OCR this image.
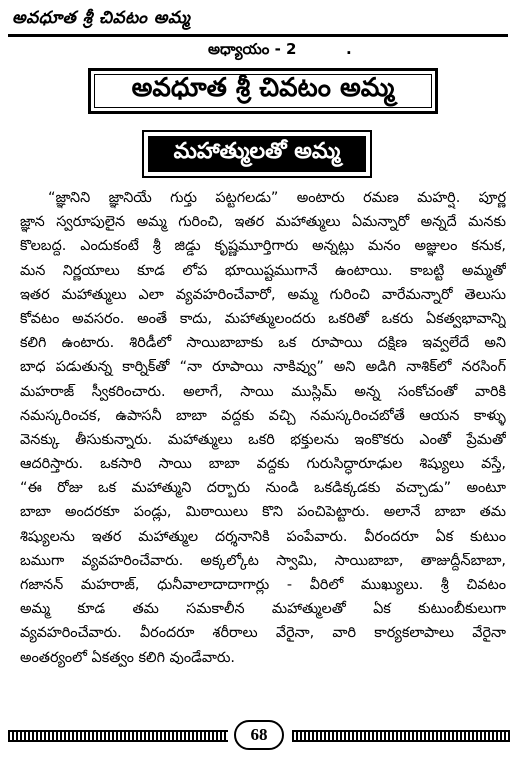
అవధూత శ్రీ చివటం అమ్మ
అధ్యాయం - 2	.
అవధూత శ్రీ చివటం అమ్మ
మహాత్ములతో అమ్మ
“జ్ఞానిని జ్ఞానియే గుర్తు పట్టగలడు” అంటారు రమణ మహర్షి. పూర్ణ
జ్ఞాన స్వరూపులైన అమ్మ గురించి, ఇతర మహాత్ములు ఏమన్నారో అన్నదే మనకు
కొలబద్ద. ఎందుకంటే శ్రీ జిడ్డు కృష్ణమూర్తిగారు అన్నట్లు మనం అజ్ఞులం కనుక,
మన నిర్ణయాలు కూడ లోప భూయిష్టముగానే ఉంటాయి. కాబట్టి అమ్మతో
ఇతర మహాత్ములు ఎలా వ్యవహరించేవారో, అమ్మ గురించి వారేమన్నారో తెలుసు
కోవటం అవసరం. అంతే కాదు, మహాత్ములందరు ఒకరితో ఒకరు ఏకత్వభావాన్ని
కలిగి ఉంటారు. శిరిడీలో సాయిబాబాకు ఒక రూపాయి దక్షిణ ఇవ్వలేదే అని
బాధ పడుతున్న కార్నిక్‌తో “నా రూపాయి నాకివ్వు” అని అడిగి నాశిక్‌లో నరసింగ్
మహరాజ్ స్వీకరించారు. అలాగే, సాయి ముస్లిమ్ అన్న సంకోచంతో వారికి
నమస్కరించక, ఉపాసనీ బాబా వద్దకు వచ్చి నమస్కరించబోతే ఆయన కాళ్ళు
వెనక్కు తీసుకున్నారు. మహాత్ములు ఒకరి భక్తులను ఇంకొకరు ఎంతో ప్రేమతో
ఆదరిస్తారు. ఒకసారి సాయి బాబా వద్దకు గురుసిద్ధారూఢుల శిష్యులు వస్తే,
“ఈ రోజు ఒక మహాత్ముని దర్బారు నుండి ఒకడిక్కడకు వచ్చాడు” అంటూ
బాబా అందరకూ పండ్లు, మిఠాయిలు కొని పంచిపెట్టారు. అలానే బాబా తమ
శిష్యులను ఇతర మహాత్ముల దర్శనానికి పంపేవారు. వీరందరూ ఏక కుటుం
బముగా వ్యవహరించేవారు. అక్కల్కోట స్వామి, సాయిబాబా, తాజుద్దీన్‌బాబా,
గజానన్ మహరాజ్, ధునీవాలాదాదాగార్లు - వీరిలో ముఖ్యులు. శ్రీ చివటం
అమ్మ కూడ తమ సమకాలీన మహాత్ములతో ఏక కుటుంబీకులుగా
వ్యవహరించేవారు. వీరందరూ శరీరాలు వేరైనా, వారి కార్యకలాపాలు వేరైనా
అంతర్యంలో ఏకత్వం కలిగి వుండేవారు.
68
